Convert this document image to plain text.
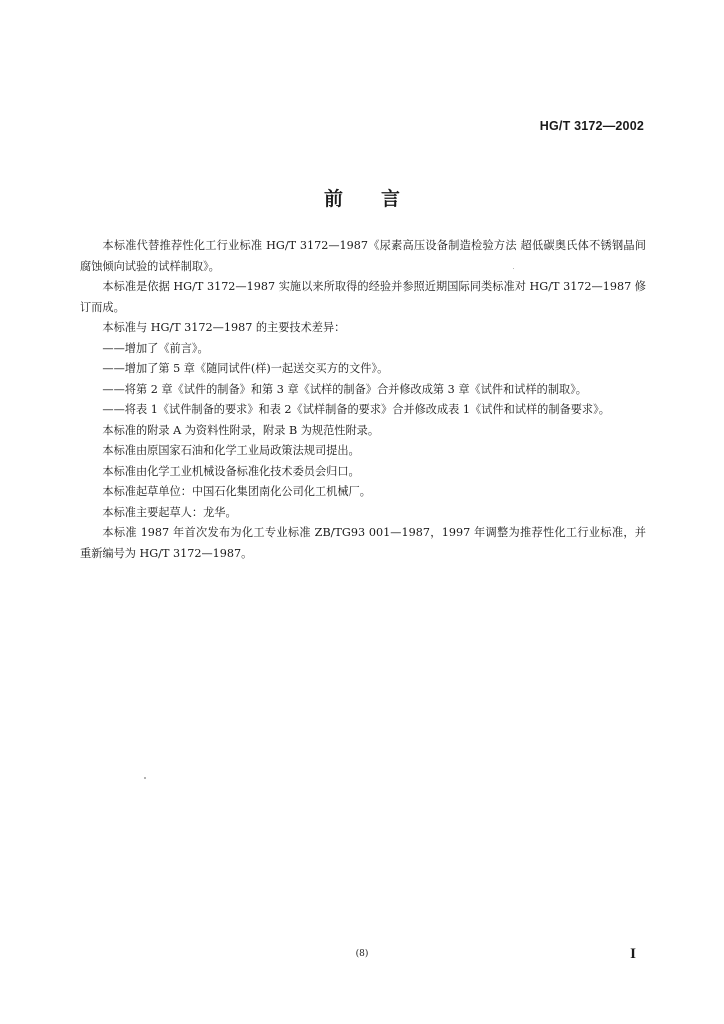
HG/T 3172—2002
前言

本标准代替推荐性化工行业标准 HG/T 3172—1987《尿素高压设备制造检验方法 超低碳奥氏体不锈钢晶间腐蚀倾向试验的试样制取》。

本标准是依据 HG/T 3172—1987 实施以来所取得的经验并参照近期国际同类标准对 HG/T 3172—1987 修订而成。

本标准与 HG/T 3172—1987 的主要技术差异：

——增加了《前言》。

——增加了第 5 章《随同试件(样)一起送交买方的文件》。

——将第 2 章《试件的制备》和第 3 章《试样的制备》合并修改成第 3 章《试件和试样的制取》。

——将表 1《试件制备的要求》和表 2《试样制备的要求》合并修改成表 1《试件和试样的制备要求》。

本标准的附录 A 为资料性附录，附录 B 为规范性附录。

本标准由原国家石油和化学工业局政策法规司提出。

本标准由化学工业机械设备标准化技术委员会归口。

本标准起草单位：中国石化集团南化公司化工机械厂。

本标准主要起草人：龙华。

本标准 1987 年首次发布为化工专业标准 ZB/TG93 001—1987，1997 年调整为推荐性化工行业标准，并重新编号为 HG/T 3172—1987。

(8)	I
